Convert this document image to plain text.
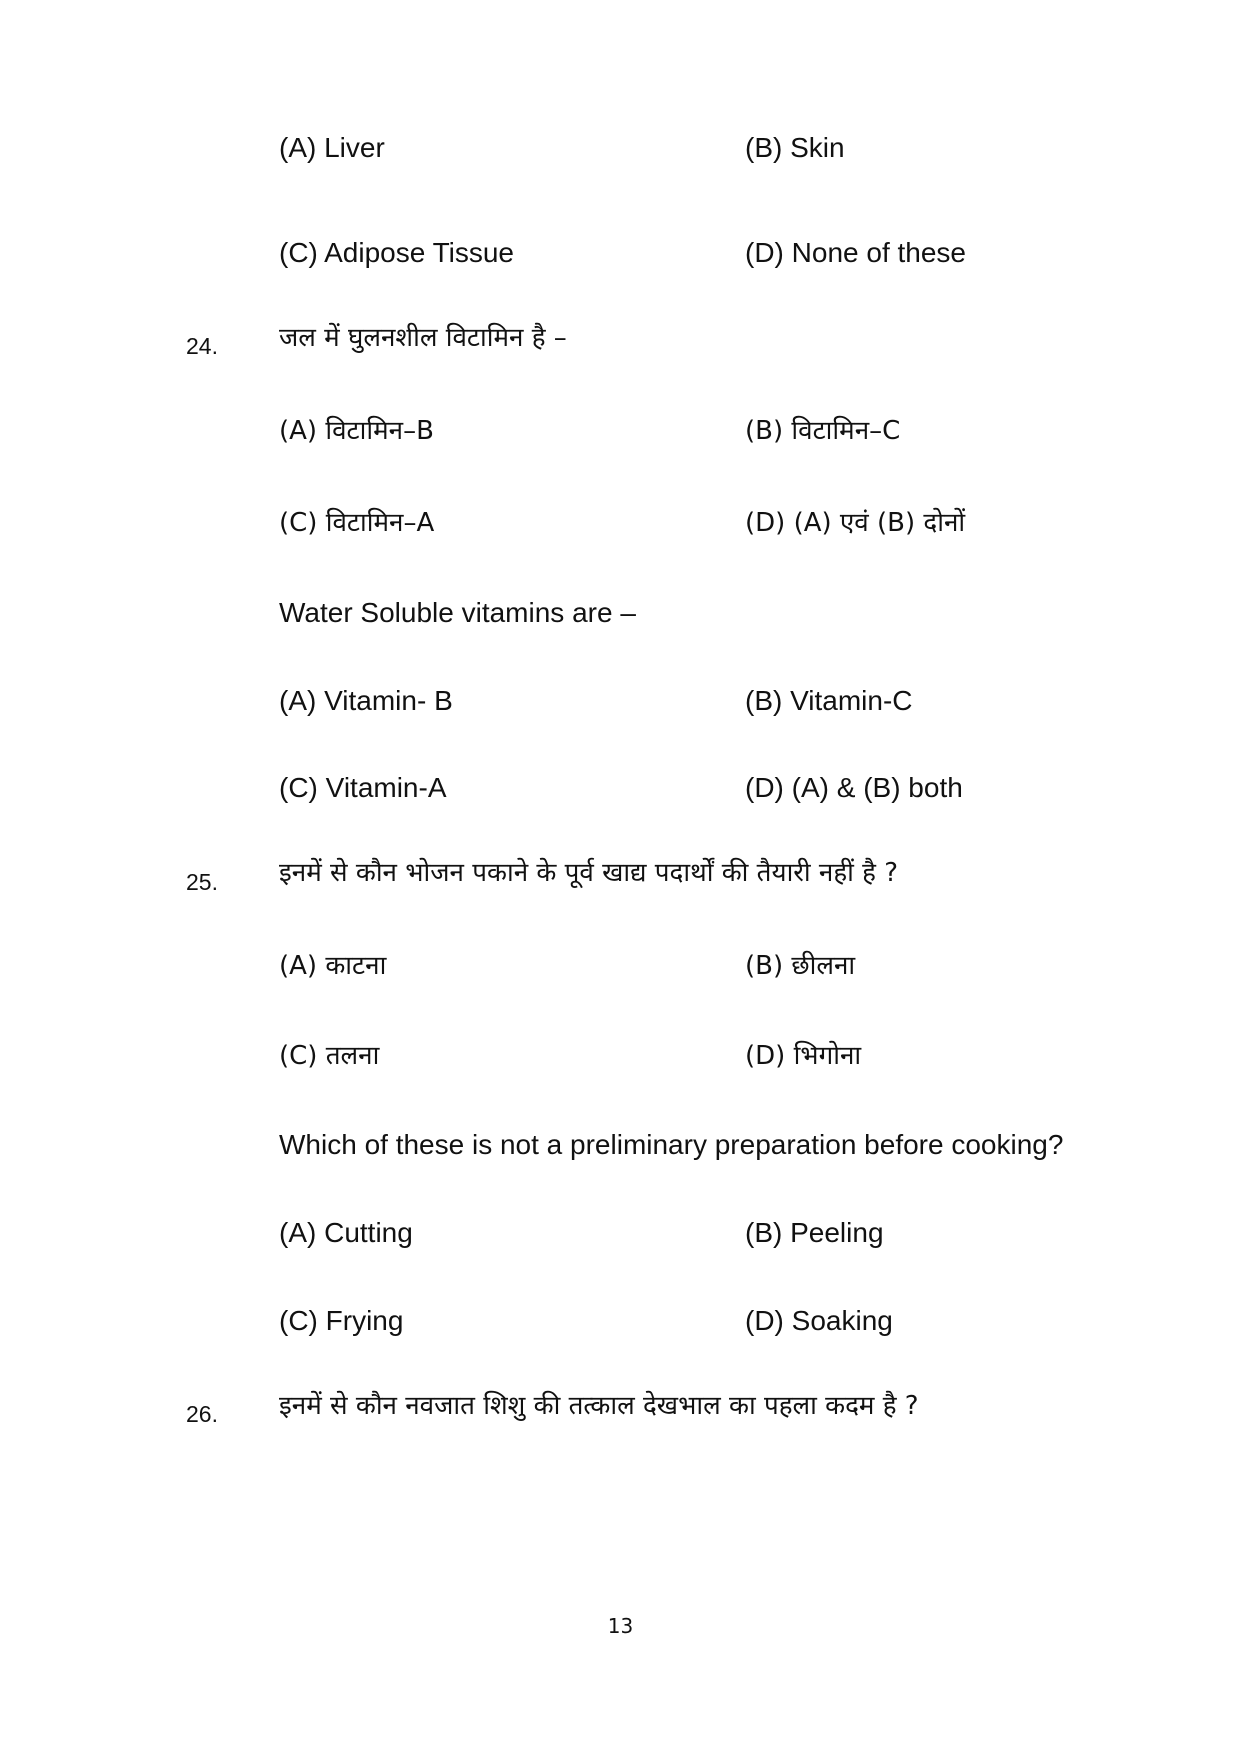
(A) Liver	(B) Skin
(C) Adipose Tissue	(D) None of these
24. जल में घुलनशील विटामिन है –
(A) विटामिन–B	(B) विटामिन–C
(C) विटामिन–A	(D) (A) एवं (B) दोनों
Water Soluble vitamins are –
(A) Vitamin- B	(B) Vitamin-C
(C) Vitamin-A	(D) (A) & (B) both
25. इनमें से कौन भोजन पकाने के पूर्व खाद्य पदार्थों की तैयारी नहीं है ?
(A) काटना	(B) छीलना
(C) तलना	(D) भिगोना
Which of these is not a preliminary preparation before cooking?
(A) Cutting	(B) Peeling
(C) Frying	(D) Soaking
26. इनमें से कौन नवजात शिशु की तत्काल देखभाल का पहला कदम है ?
13
